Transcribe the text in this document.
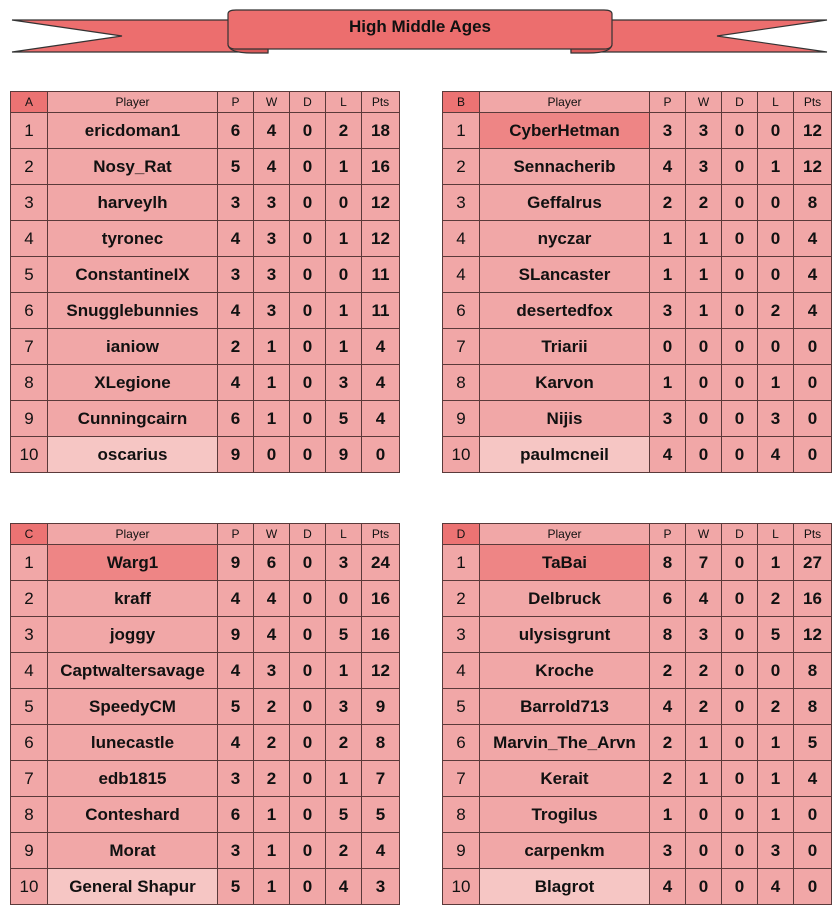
High Middle Ages
A	Player	P	W	D	L	Pts
1	ericdoman1	6	4	0	2	18
2	Nosy_Rat	5	4	0	1	16
3	harveylh	3	3	0	0	12
4	tyronec	4	3	0	1	12
5	ConstantineIX	3	3	0	0	11
6	Snugglebunnies	4	3	0	1	11
7	ianiow	2	1	0	1	4
8	XLegione	4	1	0	3	4
9	Cunningcairn	6	1	0	5	4
10	oscarius	9	0	0	9	0
B	Player	P	W	D	L	Pts
1	CyberHetman	3	3	0	0	12
2	Sennacherib	4	3	0	1	12
3	Geffalrus	2	2	0	0	8
4	nyczar	1	1	0	0	4
4	SLancaster	1	1	0	0	4
6	desertedfox	3	1	0	2	4
7	Triarii	0	0	0	0	0
8	Karvon	1	0	0	1	0
9	Nijis	3	0	0	3	0
10	paulmcneil	4	0	0	4	0
C	Player	P	W	D	L	Pts
1	Warg1	9	6	0	3	24
2	kraff	4	4	0	0	16
3	joggy	9	4	0	5	16
4	Captwaltersavage	4	3	0	1	12
5	SpeedyCM	5	2	0	3	9
6	lunecastle	4	2	0	2	8
7	edb1815	3	2	0	1	7
8	Conteshard	6	1	0	5	5
9	Morat	3	1	0	2	4
10	General Shapur	5	1	0	4	3
D	Player	P	W	D	L	Pts
1	TaBai	8	7	0	1	27
2	Delbruck	6	4	0	2	16
3	ulysisgrunt	8	3	0	5	12
4	Kroche	2	2	0	0	8
5	Barrold713	4	2	0	2	8
6	Marvin_The_Arvn	2	1	0	1	5
7	Kerait	2	1	0	1	4
8	Trogilus	1	0	0	1	0
9	carpenkm	3	0	0	3	0
10	Blagrot	4	0	0	4	0
